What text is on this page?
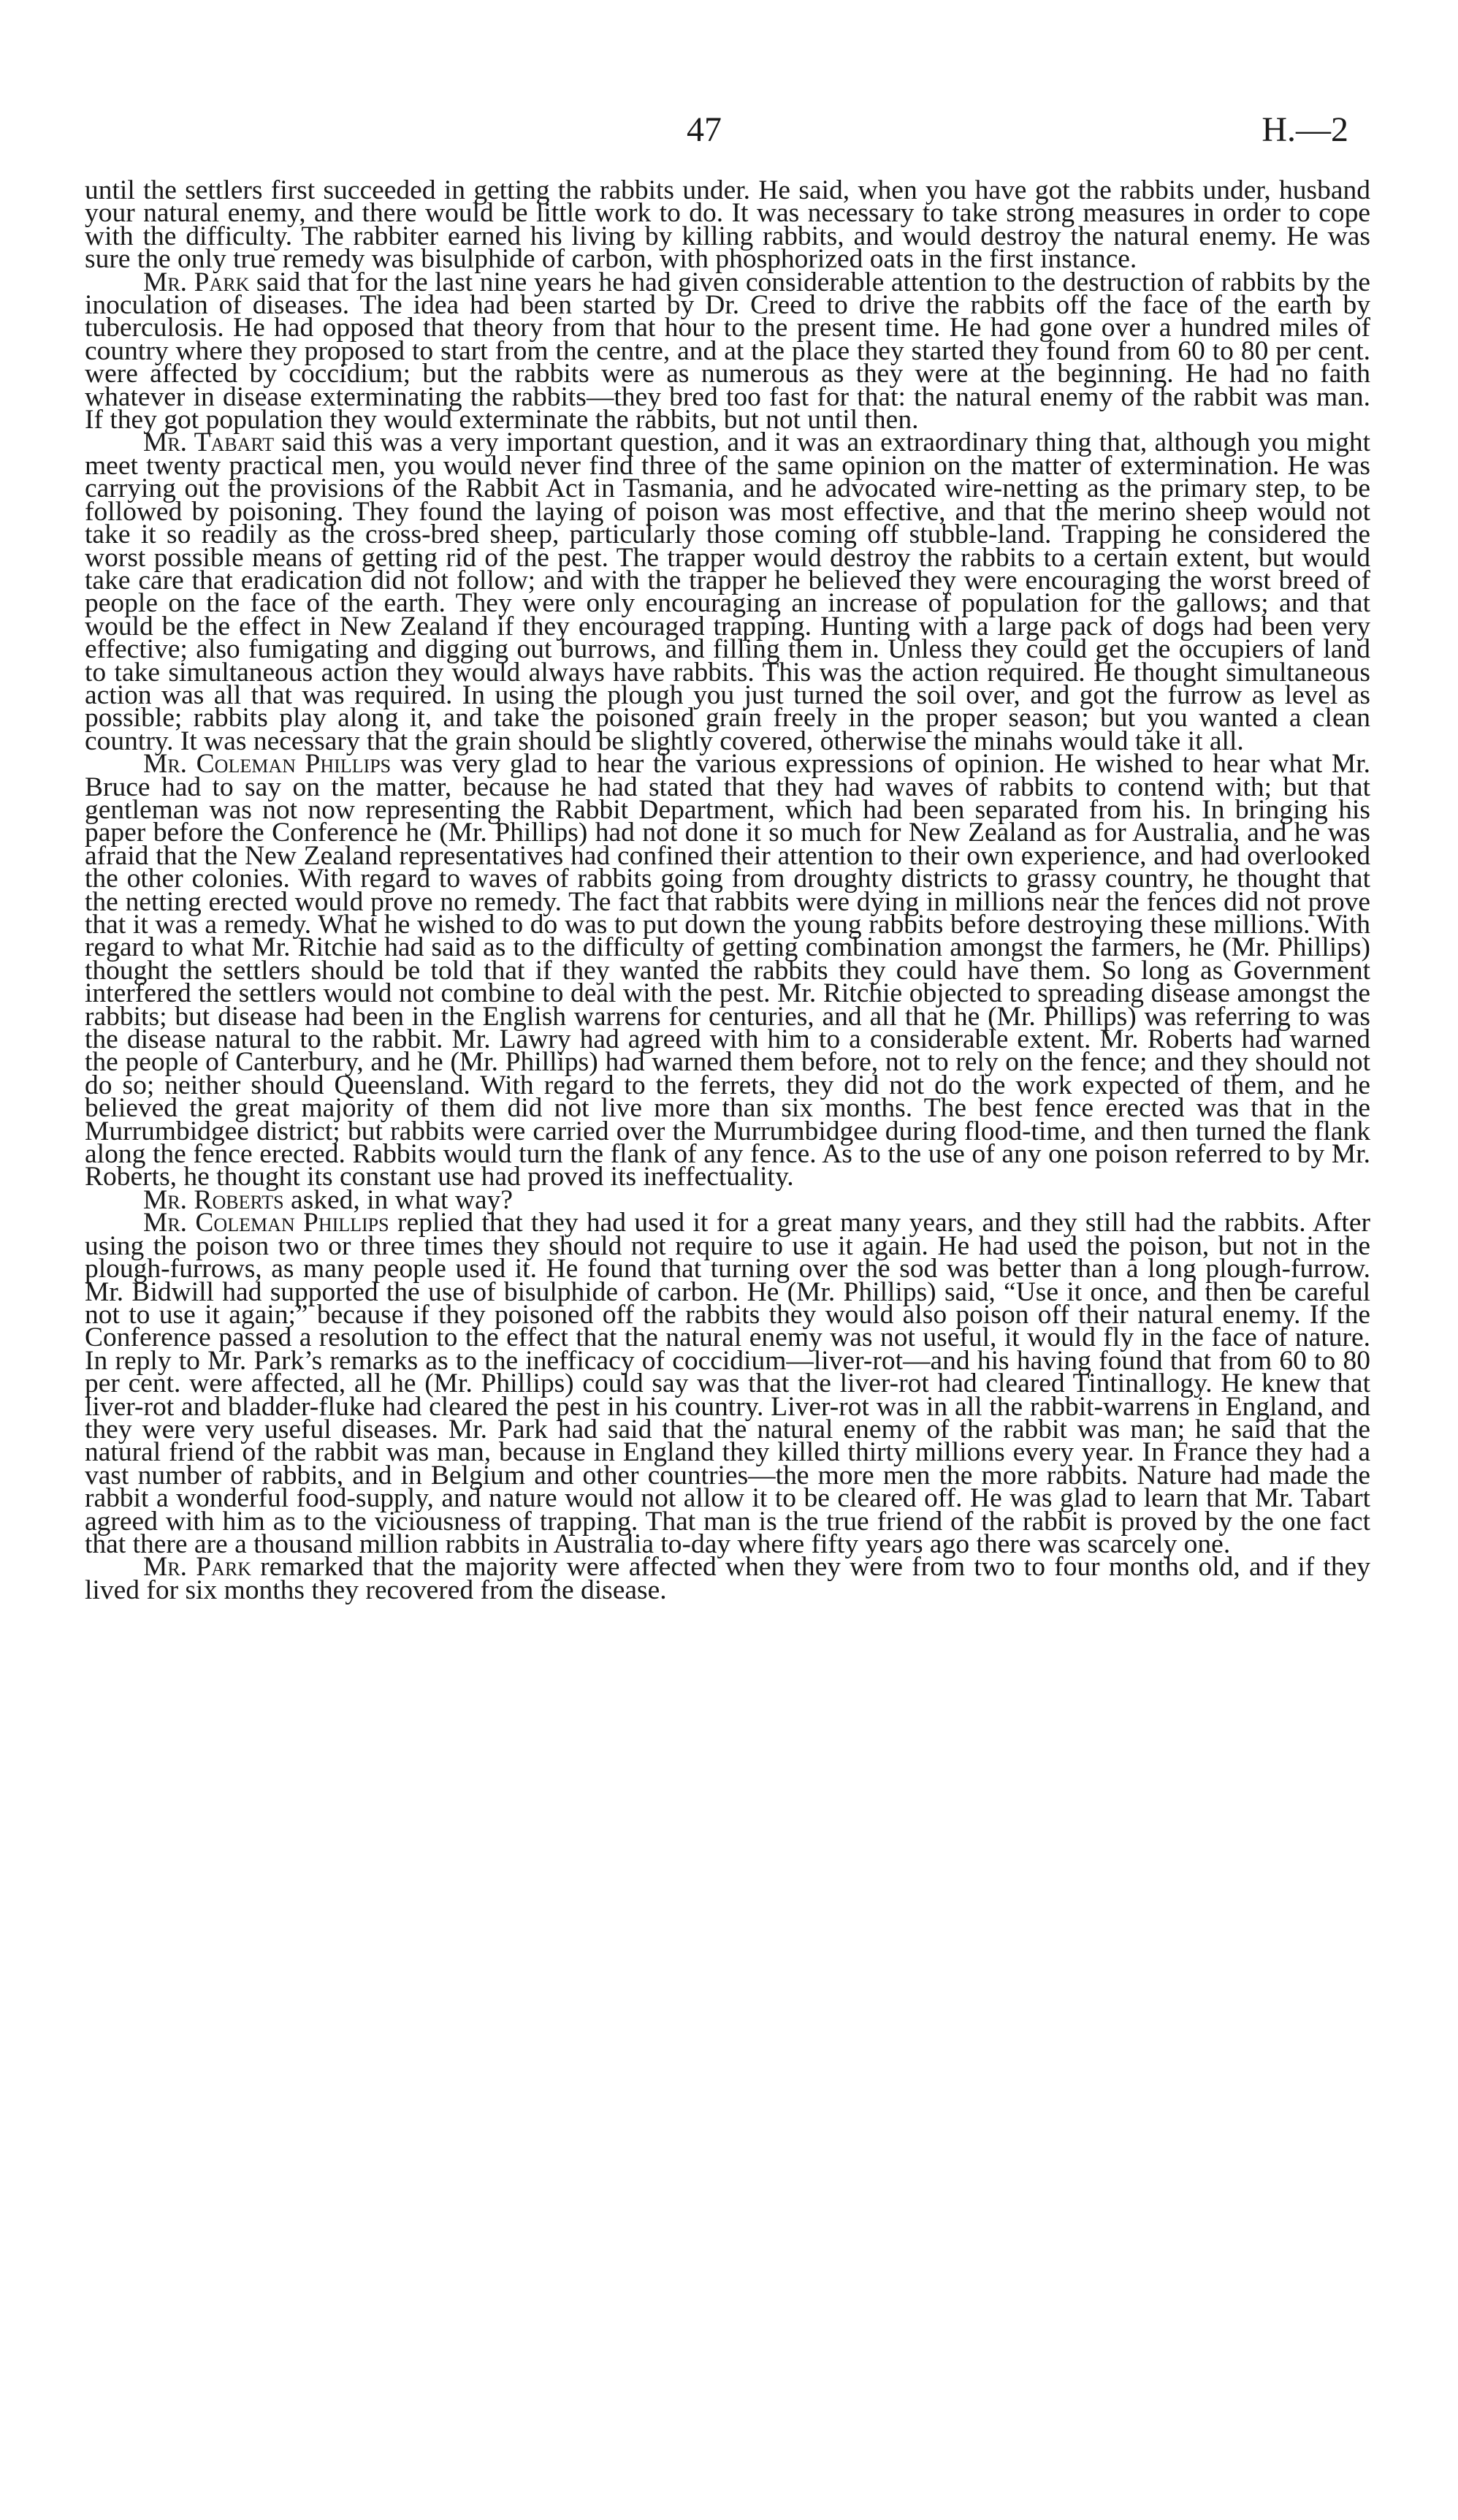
47	H.—2

until the settlers first succeeded in getting the rabbits under. He said, when you have got the rabbits under, husband your natural enemy, and there would be little work to do. It was necessary to take strong measures in order to cope with the difficulty. The rabbiter earned his living by killing rabbits, and would destroy the natural enemy. He was sure the only true remedy was bisulphide of carbon, with phosphorized oats in the first instance.

Mr. Park said that for the last nine years he had given considerable attention to the destruction of rabbits by the inoculation of diseases. The idea had been started by Dr. Creed to drive the rabbits off the face of the earth by tuberculosis. He had opposed that theory from that hour to the present time. He had gone over a hundred miles of country where they proposed to start from the centre, and at the place they started they found from 60 to 80 per cent. were affected by coccidium; but the rabbits were as numerous as they were at the beginning. He had no faith whatever in disease exterminating the rabbits—they bred too fast for that: the natural enemy of the rabbit was man. If they got population they would exterminate the rabbits, but not until then.

Mr. Tabart said this was a very important question, and it was an extraordinary thing that, although you might meet twenty practical men, you would never find three of the same opinion on the matter of extermination. He was carrying out the provisions of the Rabbit Act in Tasmania, and he advocated wire-netting as the primary step, to be followed by poisoning. They found the laying of poison was most effective, and that the merino sheep would not take it so readily as the cross-bred sheep, particularly those coming off stubble-land. Trapping he considered the worst possible means of getting rid of the pest. The trapper would destroy the rabbits to a certain extent, but would take care that eradication did not follow; and with the trapper he believed they were encouraging the worst breed of people on the face of the earth. They were only encouraging an increase of population for the gallows; and that would be the effect in New Zealand if they encouraged trapping. Hunting with a large pack of dogs had been very effective; also fumigating and digging out burrows, and filling them in. Unless they could get the occupiers of land to take simultaneous action they would always have rabbits. This was the action required. He thought simultaneous action was all that was required. In using the plough you just turned the soil over, and got the furrow as level as possible; rabbits play along it, and take the poisoned grain freely in the proper season; but you wanted a clean country. It was necessary that the grain should be slightly covered, otherwise the minahs would take it all.

Mr. Coleman Phillips was very glad to hear the various expressions of opinion. He wished to hear what Mr. Bruce had to say on the matter, because he had stated that they had waves of rabbits to contend with; but that gentleman was not now representing the Rabbit Department, which had been separated from his. In bringing his paper before the Conference he (Mr. Phillips) had not done it so much for New Zealand as for Australia, and he was afraid that the New Zealand representatives had confined their attention to their own experience, and had overlooked the other colonies. With regard to waves of rabbits going from droughty districts to grassy country, he thought that the netting erected would prove no remedy. The fact that rabbits were dying in millions near the fences did not prove that it was a remedy. What he wished to do was to put down the young rabbits before destroying these millions. With regard to what Mr. Ritchie had said as to the difficulty of getting combination amongst the farmers, he (Mr. Phillips) thought the settlers should be told that if they wanted the rabbits they could have them. So long as Government interfered the settlers would not combine to deal with the pest. Mr. Ritchie objected to spreading disease amongst the rabbits; but disease had been in the English warrens for centuries, and all that he (Mr. Phillips) was referring to was the disease natural to the rabbit. Mr. Lawry had agreed with him to a considerable extent. Mr. Roberts had warned the people of Canterbury, and he (Mr. Phillips) had warned them before, not to rely on the fence; and they should not do so; neither should Queensland. With regard to the ferrets, they did not do the work expected of them, and he believed the great majority of them did not live more than six months. The best fence erected was that in the Murrumbidgee district; but rabbits were carried over the Murrumbidgee during flood-time, and then turned the flank along the fence erected. Rabbits would turn the flank of any fence. As to the use of any one poison referred to by Mr. Roberts, he thought its constant use had proved its ineffectuality.

Mr. Roberts asked, in what way?

Mr. Coleman Phillips replied that they had used it for a great many years, and they still had the rabbits. After using the poison two or three times they should not require to use it again. He had used the poison, but not in the plough-furrows, as many people used it. He found that turning over the sod was better than a long plough-furrow. Mr. Bidwill had supported the use of bisulphide of carbon. He (Mr. Phillips) said, “Use it once, and then be careful not to use it again;” because if they poisoned off the rabbits they would also poison off their natural enemy. If the Conference passed a resolution to the effect that the natural enemy was not useful, it would fly in the face of nature. In reply to Mr. Park’s remarks as to the inefficacy of coccidium—liver-rot—and his having found that from 60 to 80 per cent. were affected, all he (Mr. Phillips) could say was that the liver-rot had cleared Tintinallogy. He knew that liver-rot and bladder-fluke had cleared the pest in his country. Liver-rot was in all the rabbit-warrens in England, and they were very useful diseases. Mr. Park had said that the natural enemy of the rabbit was man; he said that the natural friend of the rabbit was man, because in England they killed thirty millions every year. In France they had a vast number of rabbits, and in Belgium and other countries—the more men the more rabbits. Nature had made the rabbit a wonderful food-supply, and nature would not allow it to be cleared off. He was glad to learn that Mr. Tabart agreed with him as to the viciousness of trapping. That man is the true friend of the rabbit is proved by the one fact that there are a thousand million rabbits in Australia to-day where fifty years ago there was scarcely one.

Mr. Park remarked that the majority were affected when they were from two to four months old, and if they lived for six months they recovered from the disease.
